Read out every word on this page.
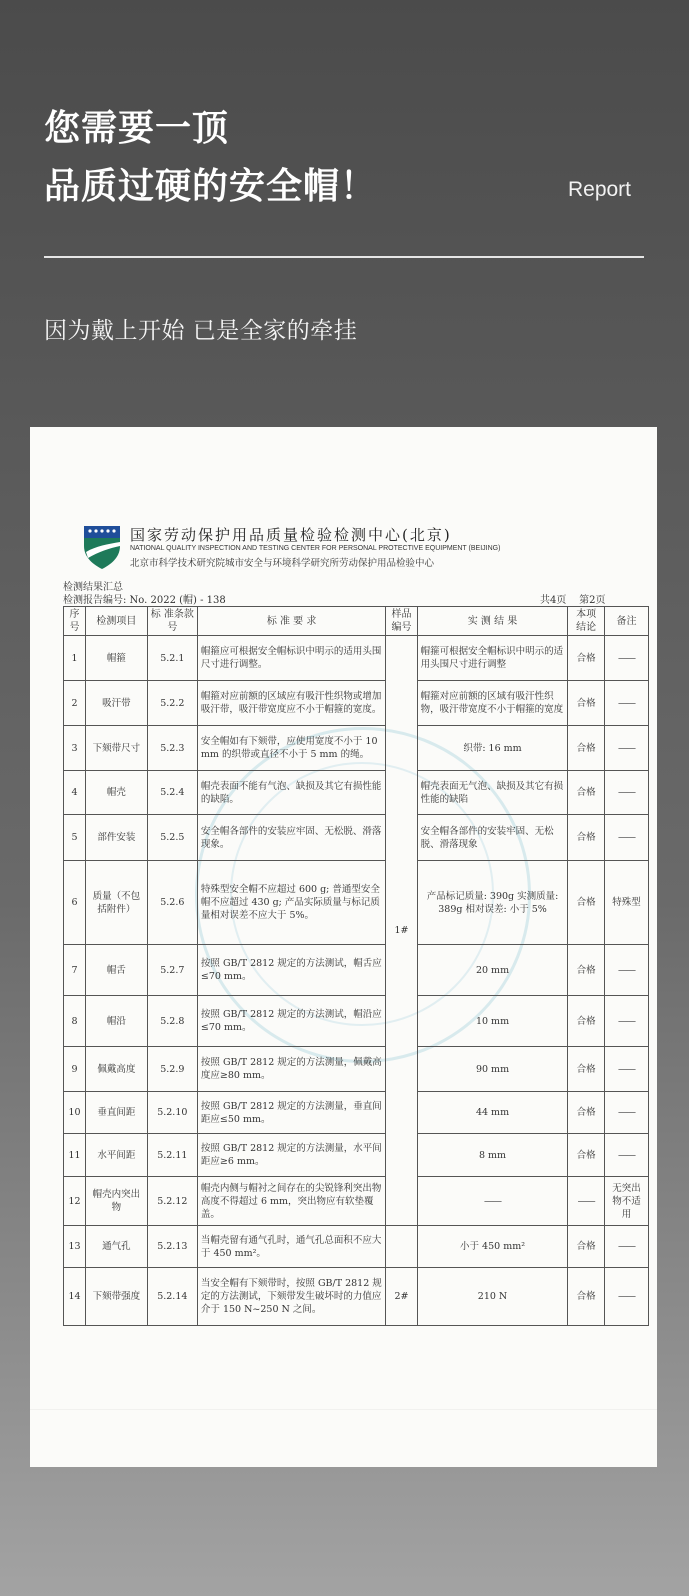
您需要一顶
品质过硬的安全帽！	Report
因为戴上开始 已是全家的牵挂
国家劳动保护用品质量检验检测中心(北京)
NATIONAL QUALITY INSPECTION AND TESTING CENTER FOR PERSONAL PROTECTIVE EQUIPMENT (BEIJING)
北京市科学技术研究院城市安全与环境科学研究所劳动保护用品检验中心
检测结果汇总
检测报告编号: No. 2022 (帽) - 138	共4页    第2页
序号	检测项目	标 准条款号	标 准 要 求	样品编号	实 测 结 果	本项结论	备注
1	帽箍	5.2.1	帽箍应可根据安全帽标识中明示的适用头围尺寸进行调整。	1#	帽箍可根据安全帽标识中明示的适用头围尺寸进行调整	合格	——
2	吸汗带	5.2.2	帽箍对应前额的区域应有吸汗性织物或增加吸汗带，吸汗带宽度应不小于帽箍的宽度。		帽箍对应前额的区域有吸汗性织物，吸汗带宽度不小于帽箍的宽度	合格	——
3	下颏带尺寸	5.2.3	安全帽如有下颏带，应使用宽度不小于 10 mm 的织带或直径不小于 5 mm 的绳。		织带: 16 mm	合格	——
4	帽壳	5.2.4	帽壳表面不能有气泡、缺损及其它有损性能的缺陷。		帽壳表面无气泡、缺损及其它有损性能的缺陷	合格	——
5	部件安装	5.2.5	安全帽各部件的安装应牢固、无松脱、滑落现象。		安全帽各部件的安装牢固、无松脱、滑落现象	合格	——
6	质量（不包括附件）	5.2.6	特殊型安全帽不应超过 600 g; 普通型安全帽不应超过 430 g; 产品实际质量与标记质量相对误差不应大于 5%。		产品标记质量: 390g 实测质量: 389g 相对误差: 小于 5%	合格	特殊型
7	帽舌	5.2.7	按照 GB/T 2812 规定的方法测试，帽舌应≤70 mm。		20 mm	合格	——
8	帽沿	5.2.8	按照 GB/T 2812 规定的方法测试，帽沿应≤70 mm。		10 mm	合格	——
9	佩戴高度	5.2.9	按照 GB/T 2812 规定的方法测量，佩戴高度应≥80 mm。		90 mm	合格	——
10	垂直间距	5.2.10	按照 GB/T 2812 规定的方法测量，垂直间距应≤50 mm。		44 mm	合格	——
11	水平间距	5.2.11	按照 GB/T 2812 规定的方法测量，水平间距应≥6 mm。		8 mm	合格	——
12	帽壳内突出物	5.2.12	帽壳内侧与帽衬之间存在的尖锐锋利突出物高度不得超过 6 mm，突出物应有软垫覆盖。		——	——	无突出物不适用
13	通气孔	5.2.13	当帽壳留有通气孔时，通气孔总面积不应大于 450 mm²。		小于 450 mm²	合格	——
14	下颏带强度	5.2.14	当安全帽有下颏带时，按照 GB/T 2812 规定的方法测试，下颏带发生破坏时的力值应介于 150 N~250 N 之间。	2#	210 N	合格	——
